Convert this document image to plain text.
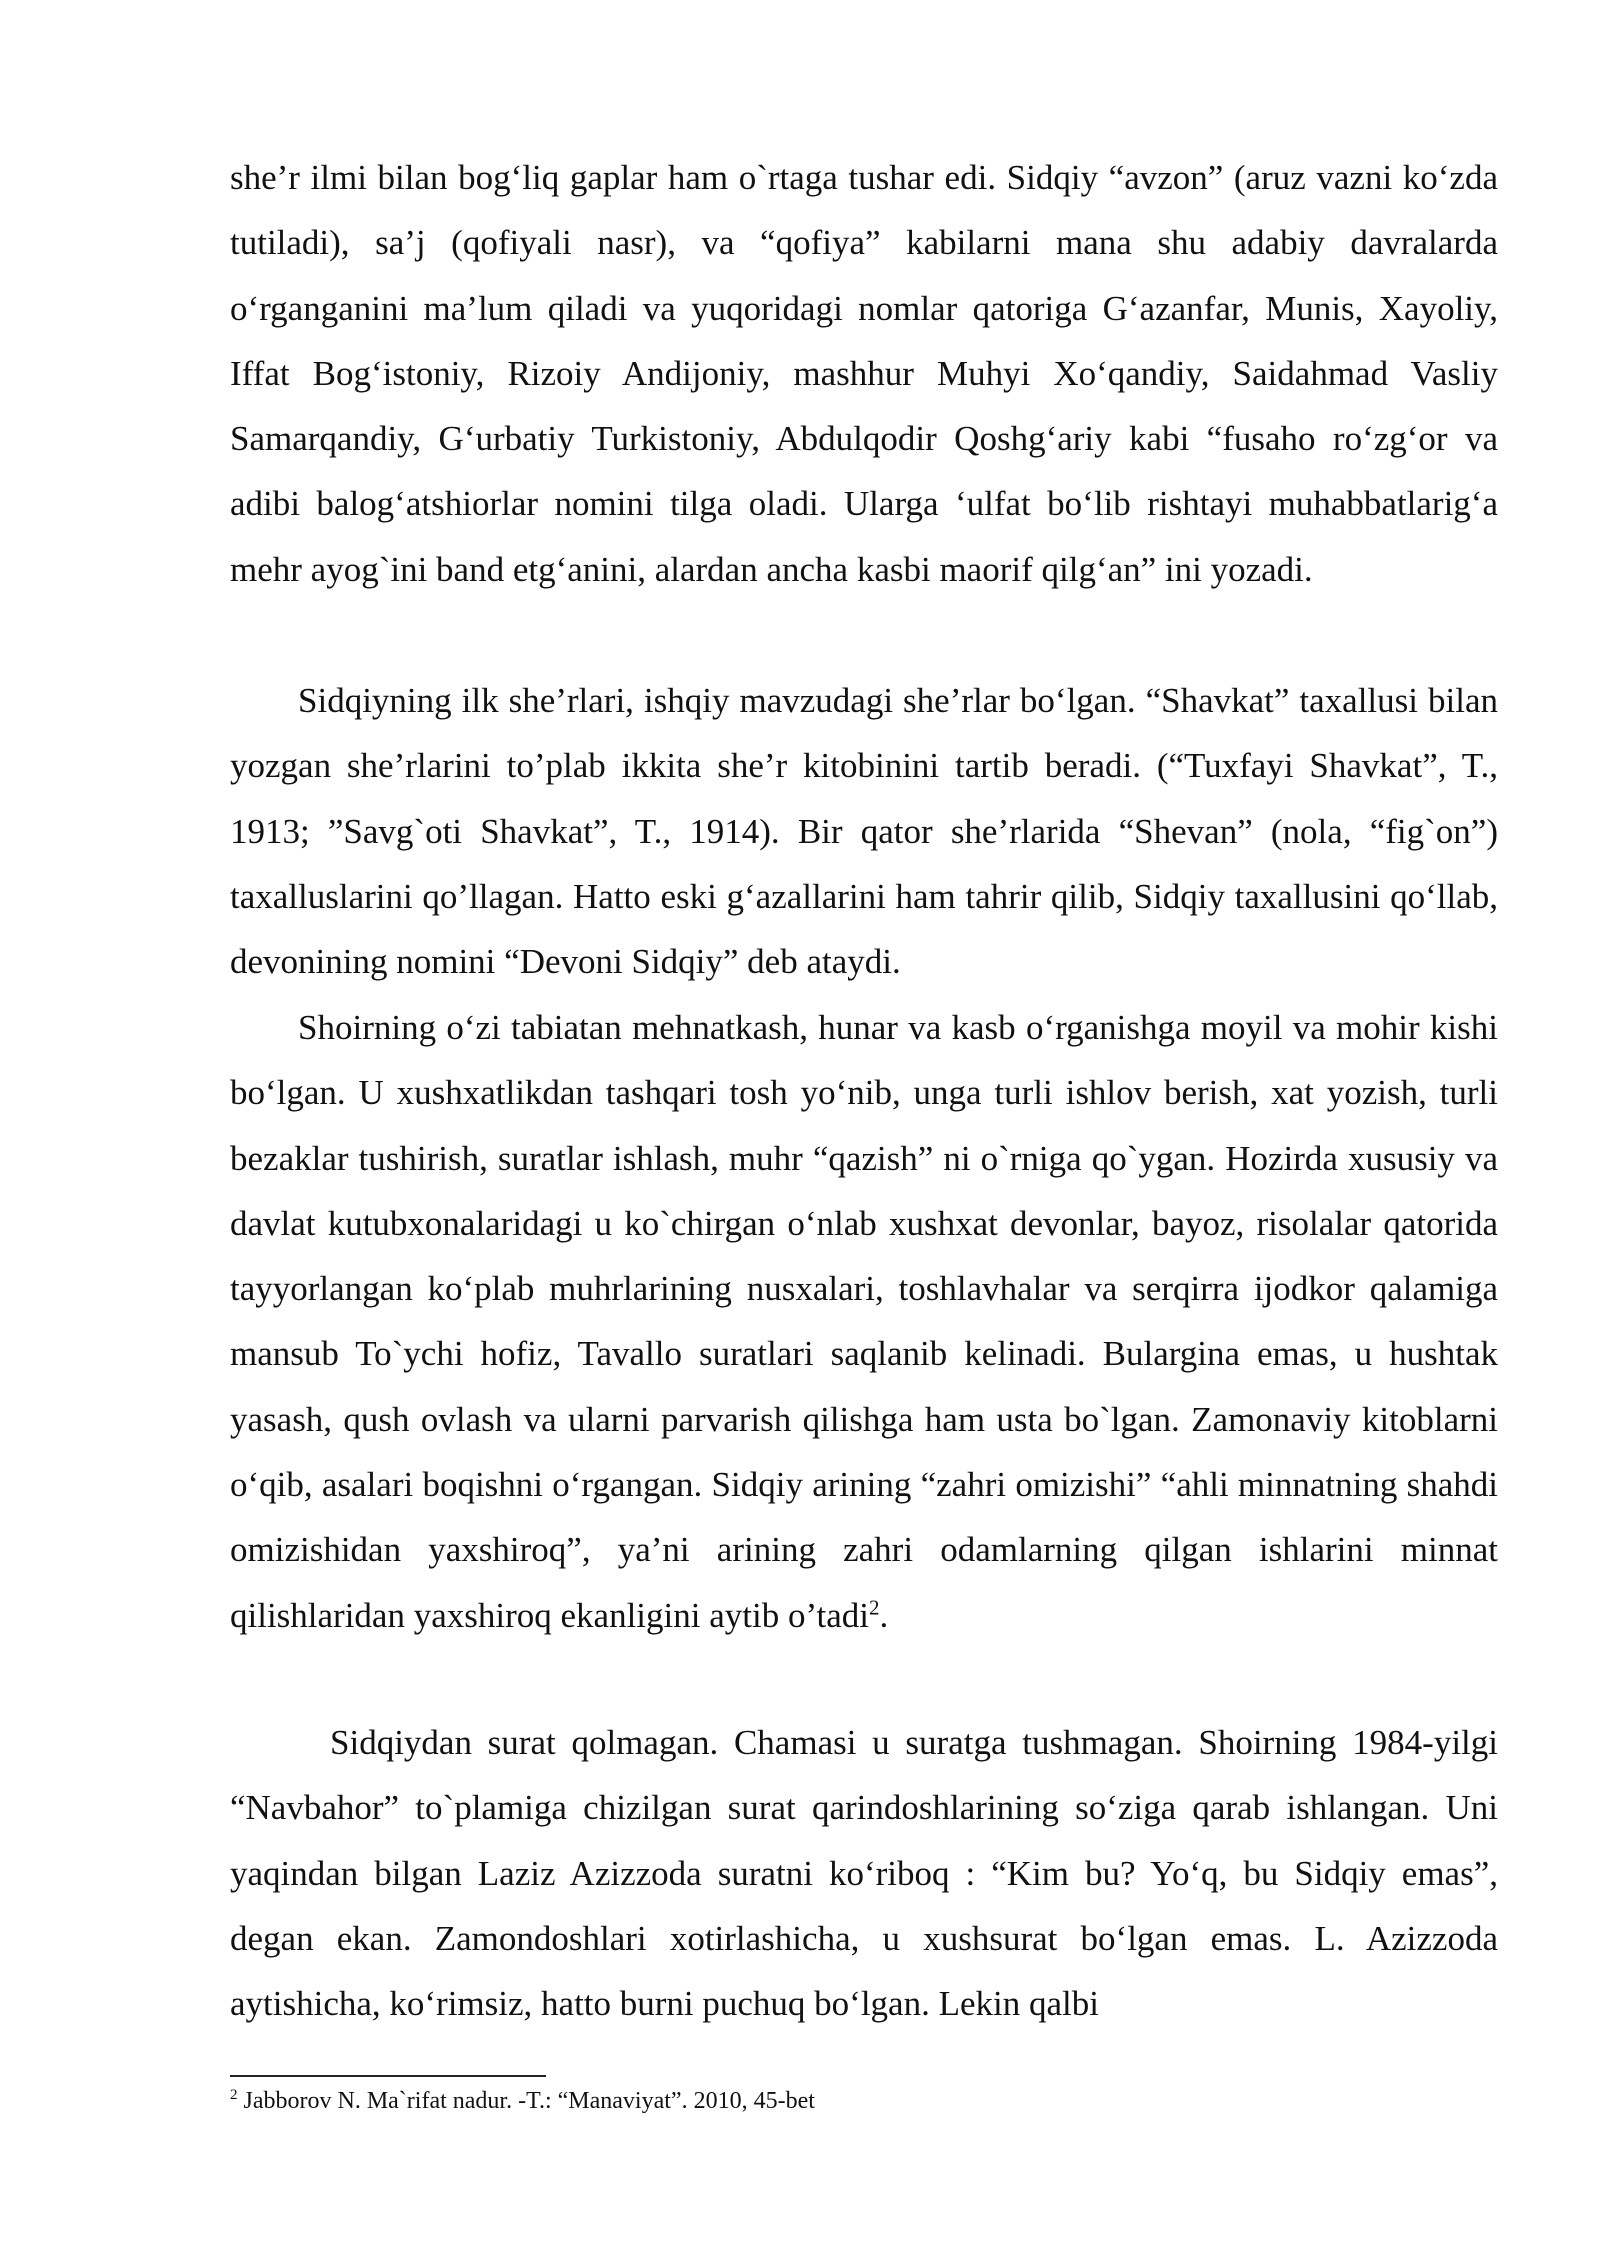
she’r ilmi bilan bog‘liq gaplar ham o`rtaga tushar edi. Sidqiy “avzon” (aruz vazni ko‘zda tutiladi), sa’j (qofiyali nasr), va “qofiya” kabilarni mana shu adabiy davralarda o‘rganganini ma’lum qiladi va yuqoridagi nomlar qatoriga G‘azanfar, Munis, Xayoliy, Iffat Bog‘istoniy, Rizoiy Andijoniy, mashhur Muhyi Xo‘qandiy, Saidahmad Vasliy Samarqandiy, G‘urbatiy Turkistoniy, Abdulqodir Qoshg‘ariy kabi “fusaho ro‘zg‘or va adibi balog‘atshiorlar nomini tilga oladi. Ularga ‘ulfat bo‘lib rishtayi muhabbatlarig‘a mehr ayog`ini band etg‘anini, alardan ancha kasbi maorif qilg‘an” ini yozadi.

Sidqiyning ilk she’rlari, ishqiy mavzudagi she’rlar bo‘lgan. “Shavkat” taxallusi bilan yozgan she’rlarini to’plab ikkita she’r kitobinini tartib beradi. (“Tuxfayi Shavkat”, T., 1913; ”Savg`oti Shavkat”, T., 1914). Bir qator she’rlarida “Shevan” (nola, “fig`on”) taxalluslarini qo’llagan. Hatto eski g‘azallarini ham tahrir qilib, Sidqiy taxallusini qo‘llab, devonining nomini “Devoni Sidqiy” deb ataydi.

Shoirning o‘zi tabiatan mehnatkash, hunar va kasb o‘rganishga moyil va mohir kishi bo‘lgan. U xushxatlikdan tashqari tosh yo‘nib, unga turli ishlov berish, xat yozish, turli bezaklar tushirish, suratlar ishlash, muhr “qazish” ni o`rniga qo`ygan. Hozirda xususiy va davlat kutubxonalaridagi u ko`chirgan o‘nlab xushxat devonlar, bayoz, risolalar qatorida tayyorlangan ko‘plab muhrlarining nusxalari, toshlavhalar va serqirra ijodkor qalamiga mansub To`ychi hofiz, Tavallo suratlari saqlanib kelinadi. Bulargina emas, u hushtak yasash, qush ovlash va ularni parvarish qilishga ham usta bo`lgan. Zamonaviy kitoblarni o‘qib, asalari boqishni o‘rgangan. Sidqiy arining “zahri omizishi” “ahli minnatning shahdi omizishidan yaxshiroq”, ya’ni arining zahri odamlarning qilgan ishlarini minnat qilishlaridan yaxshiroq ekanligini aytib o’tadi$^2$.

Sidqiydan surat qolmagan. Chamasi u suratga tushmagan. Shoirning 1984-yilgi “Navbahor” to`plamiga chizilgan surat qarindoshlarining so‘ziga qarab ishlangan. Uni yaqindan bilgan Laziz Azizzoda suratni ko‘riboq : “Kim bu? Yo‘q, bu Sidqiy emas”, degan ekan. Zamondoshlari xotirlashicha, u xushsurat bo‘lgan emas. L. Azizzoda aytishicha, ko‘rimsiz, hatto burni puchuq bo‘lgan. Lekin qalbi

$^2$ Jabborov N. Ma`rifat nadur. -T.: “Manaviyat”. 2010, 45-bet
